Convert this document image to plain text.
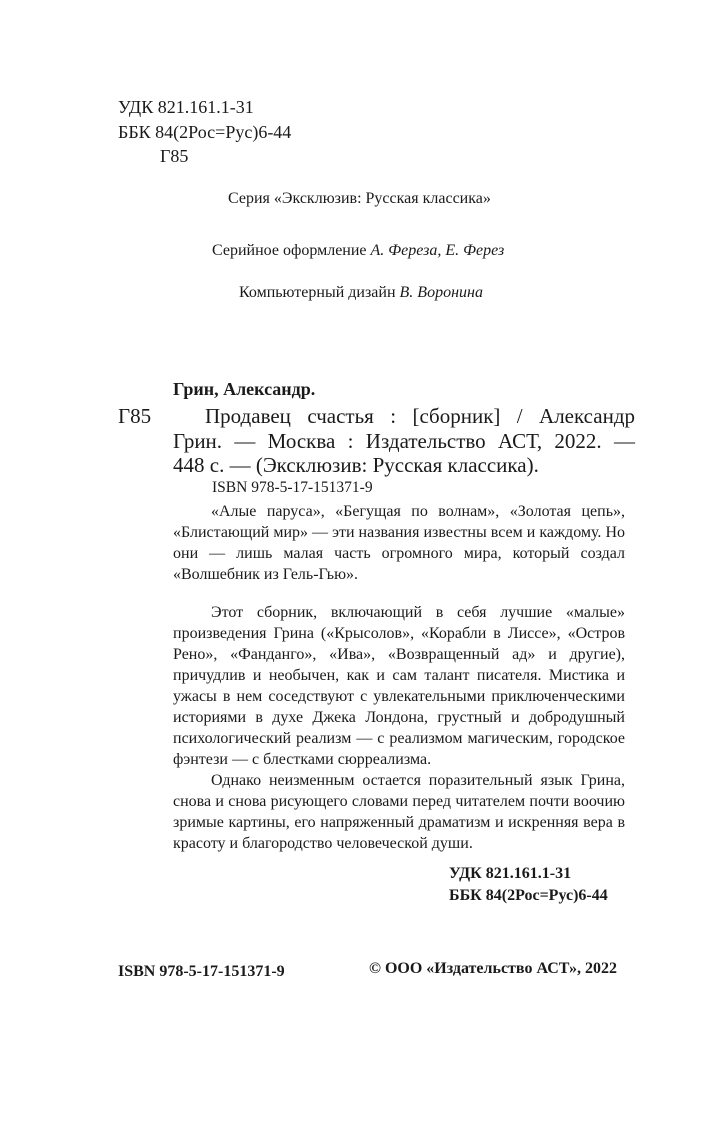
УДК 821.161.1-31
ББК 84(2Рос=Рус)6-44
Г85
Серия «Эксклюзив: Русская классика»
Серийное оформление А. Фереза, Е. Ферез
Компьютерный дизайн В. Воронина
Грин, Александр.
Г85	Продавец счастья : [сборник] / Александр
Грин. — Москва : Издательство АСТ, 2022. —
448 с. — (Эксклюзив: Русская классика).
ISBN 978-5-17-151371-9

«Алые паруса», «Бегущая по волнам», «Золотая цепь», «Блистающий мир» — эти названия известны всем и каждому. Но они — лишь малая часть огромного мира, который создал «Волшебник из Гель-Гью».

Этот сборник, включающий в себя лучшие «малые» произведения Грина («Крысолов», «Корабли в Лиссе», «Остров Рено», «Фанданго», «Ива», «Возвращенный ад» и другие), причудлив и необычен, как и сам талант писателя. Мистика и ужасы в нем соседствуют с увлекательными приключенческими историями в духе Джека Лондона, грустный и добродушный психологический реализм — с реализмом магическим, городское фэнтези — с блестками сюрреализма.

Однако неизменным остается поразительный язык Грина, снова и снова рисующего словами перед читателем почти воочию зримые картины, его напряженный драматизм и искренняя вера в красоту и благородство человеческой души.

УДК 821.161.1-31
ББК 84(2Рос=Рус)6-44
ISBN 978-5-17-151371-9	© ООО «Издательство АСТ», 2022
